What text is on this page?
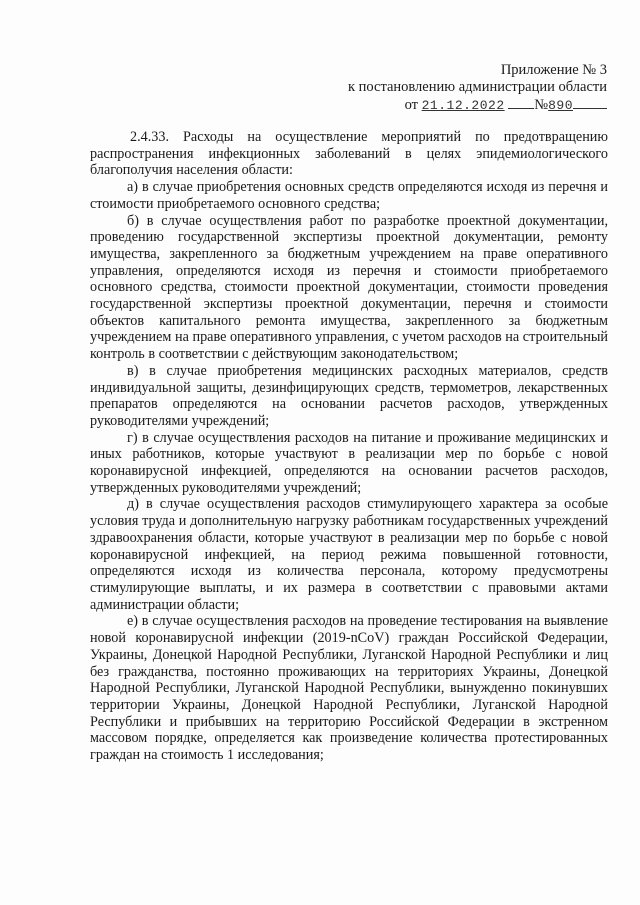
Приложение № 3
к постановлению администрации области
от 21.12.2022 №890

2.4.33. Расходы на осуществление мероприятий по предотвращению распространения инфекционных заболеваний в целях эпидемиологического благополучия населения области:

а) в случае приобретения основных средств определяются исходя из перечня и стоимости приобретаемого основного средства;

б) в случае осуществления работ по разработке проектной документации, проведению государственной экспертизы проектной документации, ремонту имущества, закрепленного за бюджетным учреждением на праве оперативного управления, определяются исходя из перечня и стоимости приобретаемого основного средства, стоимости проектной документации, стоимости проведения государственной экспертизы проектной документации, перечня и стоимости объектов капитального ремонта имущества, закрепленного за бюджетным учреждением на праве оперативного управления, с учетом расходов на строительный контроль в соответствии с действующим законодательством;

в) в случае приобретения медицинских расходных материалов, средств индивидуальной защиты, дезинфицирующих средств, термометров, лекарственных препаратов определяются на основании расчетов расходов, утвержденных руководителями учреждений;

г) в случае осуществления расходов на питание и проживание медицинских и иных работников, которые участвуют в реализации мер по борьбе с новой коронавирусной инфекцией, определяются на основании расчетов расходов, утвержденных руководителями учреждений;

д) в случае осуществления расходов стимулирующего характера за особые условия труда и дополнительную нагрузку работникам государственных учреждений здравоохранения области, которые участвуют в реализации мер по борьбе с новой коронавирусной инфекцией, на период режима повышенной готовности, определяются исходя из количества персонала, которому предусмотрены стимулирующие выплаты, и их размера в соответствии с правовыми актами администрации области;

е) в случае осуществления расходов на проведение тестирования на выявление новой коронавирусной инфекции (2019-nCoV) граждан Российской Федерации, Украины, Донецкой Народной Республики, Луганской Народной Республики и лиц без гражданства, постоянно проживающих на территориях Украины, Донецкой Народной Республики, Луганской Народной Республики, вынужденно покинувших территории Украины, Донецкой Народной Республики, Луганской Народной Республики и прибывших на территорию Российской Федерации в экстренном массовом порядке, определяется как произведение количества протестированных граждан на стоимость 1 исследования;
